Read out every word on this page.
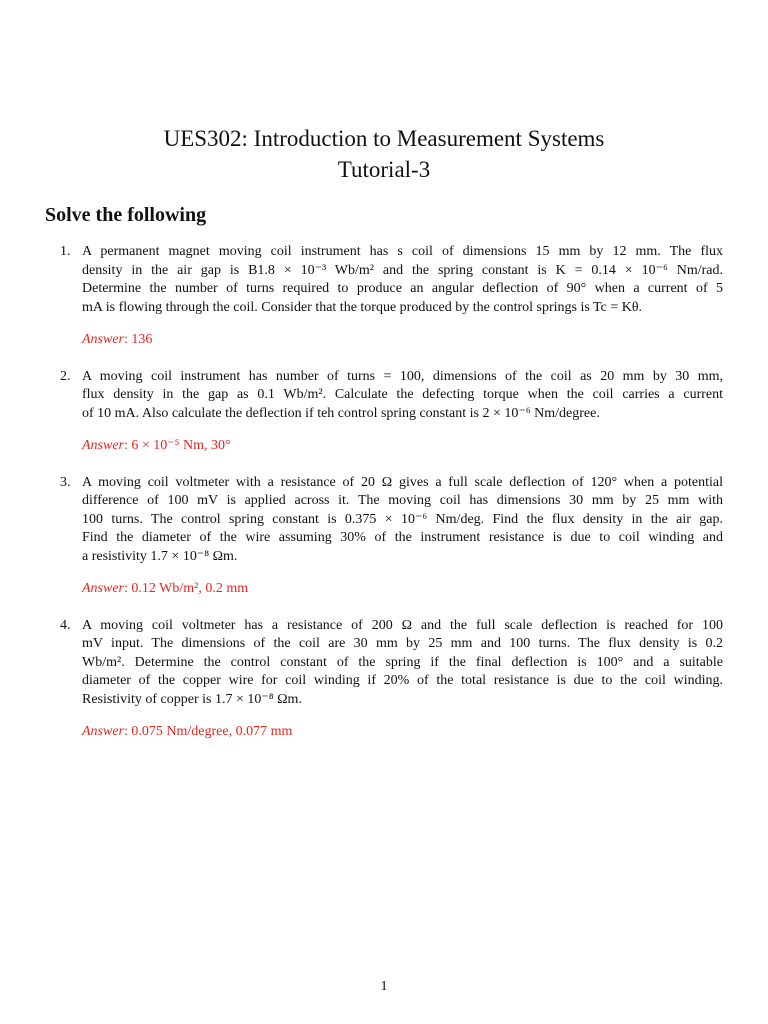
UES302: Introduction to Measurement Systems
Tutorial-3
Solve the following
1. A permanent magnet moving coil instrument has s coil of dimensions 15 mm by 12 mm. The flux
density in the air gap is B1.8 × 10⁻³ Wb/m² and the spring constant is K = 0.14 × 10⁻⁶ Nm/rad.
Determine the number of turns required to produce an angular deflection of 90° when a current of 5
mA is flowing through the coil. Consider that the torque produced by the control springs is Tc = Kθ.

Answer: 136

2. A moving coil instrument has number of turns = 100, dimensions of the coil as 20 mm by 30 mm,
flux density in the gap as 0.1 Wb/m². Calculate the defecting torque when the coil carries a current
of 10 mA. Also calculate the deflection if teh control spring constant is 2 × 10⁻⁶ Nm/degree.

Answer: 6 × 10⁻⁵ Nm, 30°

3. A moving coil voltmeter with a resistance of 20 Ω gives a full scale deflection of 120° when a potential
difference of 100 mV is applied across it. The moving coil has dimensions 30 mm by 25 mm with
100 turns. The control spring constant is 0.375 × 10⁻⁶ Nm/deg. Find the flux density in the air gap.
Find the diameter of the wire assuming 30% of the instrument resistance is due to coil winding and
a resistivity 1.7 × 10⁻⁸ Ωm.

Answer: 0.12 Wb/m², 0.2 mm

4. A moving coil voltmeter has a resistance of 200 Ω and the full scale deflection is reached for 100
mV input. The dimensions of the coil are 30 mm by 25 mm and 100 turns. The flux density is 0.2
Wb/m². Determine the control constant of the spring if the final deflection is 100° and a suitable
diameter of the copper wire for coil winding if 20% of the total resistance is due to the coil winding.
Resistivity of copper is 1.7 × 10⁻⁸ Ωm.

Answer: 0.075 Nm/degree, 0.077 mm

1
